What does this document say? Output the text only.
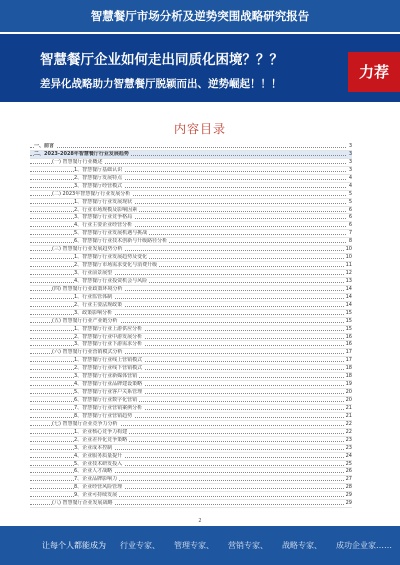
智慧餐厅市场分析及逆势突围战略研究报告
智慧餐厅企业如何走出同质化困境？？？
差异化战略助力智慧餐厅脱颖而出、逆势崛起！！！
力荐
内容目录
一、前言	3
二、2023-2028年智慧餐厅行业发展趋势	3
(一) 智慧餐厅行业概述	3
1、智慧餐厅基础认识	3
2、智慧餐厅发展特点	4
3、智慧餐厅经营模式	4
(二) 2023年智慧餐厅行业发展分析	5
1、智慧餐厅行业发展现状	5
2、行业市场规模及影响因素	6
3、智慧餐厅行业竞争格局	6
4、行业主要企业经营分析	6
5、智慧餐厅行业发展机遇与挑战	7
6、智慧餐厅行业技术创新与升级路径分析	8
(三) 智慧餐厅行业发展趋势分析	10
1、智慧餐厅行业发展趋势及变化	10
2、智慧餐厅市场需求变化与消费升级	11
3、行业前景展望	12
4、智慧餐厅行业投资机会与风险	13
(四) 智慧餐厅行业政策环境分析	14
1、行业监管体制	14
2、行业主要法规政策	14
3、政策影响分析	15
(五) 智慧餐厅行业产业链分析	15
1、智慧餐厅行业上游供应分析	15
2、智慧餐厅行业中游发展分析	16
3、智慧餐厅行业下游需求分析	16
(六) 智慧餐厅行业营销模式分析	17
1、智慧餐厅行业线上营销模式	17
2、智慧餐厅行业线下营销模式	18
3、智慧餐厅行业新媒体营销	18
4、智慧餐厅行业品牌建设策略	19
5、智慧餐厅行业客户关系管理	20
6、智慧餐厅行业数字化营销	20
7、智慧餐厅行业营销案例分析	21
8、智慧餐厅行业营销趋势	21
(七) 智慧餐厅企业竞争力分析	22
1、企业核心竞争力构建	22
2、企业差异化竞争策略	23
3、企业成本控制	23
4、企业服务质量提升	24
5、企业技术研发投入	25
6、企业人才战略	26
7、企业品牌影响力	27
8、企业经营风险管理	28
9、企业可持续发展	29
(八) 智慧餐厅企业发展战略	29
2
让每个人都能成为 行业专家、 管理专家、 营销专家、 战略专家、 成功企业家……
